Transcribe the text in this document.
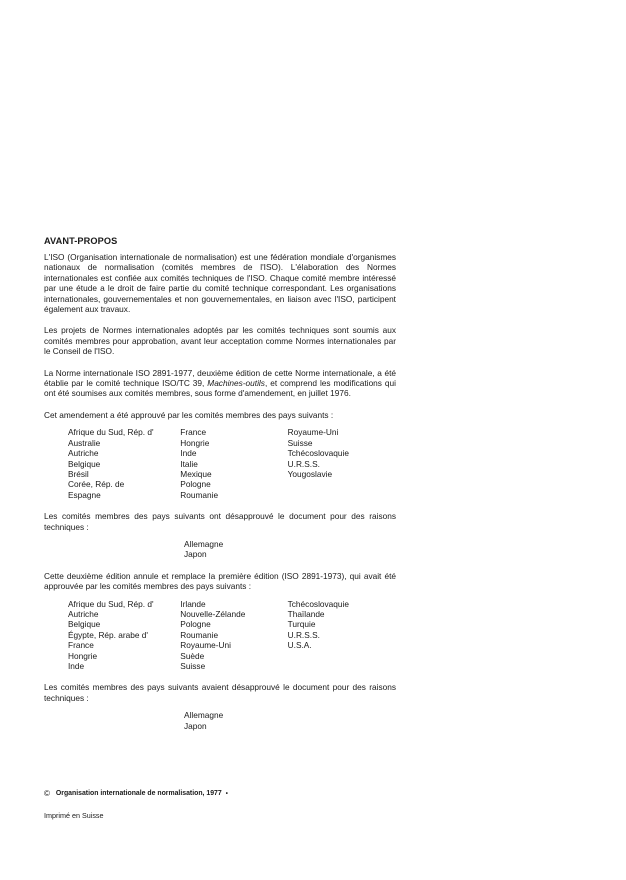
AVANT-PROPOS

L'ISO (Organisation internationale de normalisation) est une fédération mondiale d'organismes nationaux de normalisation (comités membres de l'ISO). L'élaboration des Normes internationales est confiée aux comités techniques de l'ISO. Chaque comité membre intéressé par une étude a le droit de faire partie du comité technique correspondant. Les organisations internationales, gouvernementales et non gouvernementales, en liaison avec l'ISO, participent également aux travaux.

Les projets de Normes internationales adoptés par les comités techniques sont soumis aux comités membres pour approbation, avant leur acceptation comme Normes internationales par le Conseil de l'ISO.

La Norme internationale ISO 2891-1977, deuxième édition de cette Norme internationale, a été établie par le comité technique ISO/TC 39, Machines-outils, et comprend les modifications qui ont été soumises aux comités membres, sous forme d'amendement, en juillet 1976.

Cet amendement a été approuvé par les comités membres des pays suivants :

Afrique du Sud, Rép. d'
Australie
Autriche
Belgique
Brésil
Corée, Rép. de
Espagne
France
Hongrie
Inde
Italie
Mexique
Pologne
Roumanie
Royaume-Uni
Suisse
Tchécoslovaquie
U.R.S.S.
Yougoslavie

Les comités membres des pays suivants ont désapprouvé le document pour des raisons techniques :

Allemagne
Japon

Cette deuxième édition annule et remplace la première édition (ISO 2891-1973), qui avait été approuvée par les comités membres des pays suivants :

Afrique du Sud, Rép. d'
Autriche
Belgique
Égypte, Rép. arabe d'
France
Hongrie
Inde
Irlande
Nouvelle-Zélande
Pologne
Roumanie
Royaume-Uni
Suède
Suisse
Tchécoslovaquie
Thaïlande
Turquie
U.R.S.S.
U.S.A.

Les comités membres des pays suivants avaient désapprouvé le document pour des raisons techniques :

Allemagne
Japon

© Organisation internationale de normalisation, 1977 •

Imprimé en Suisse
